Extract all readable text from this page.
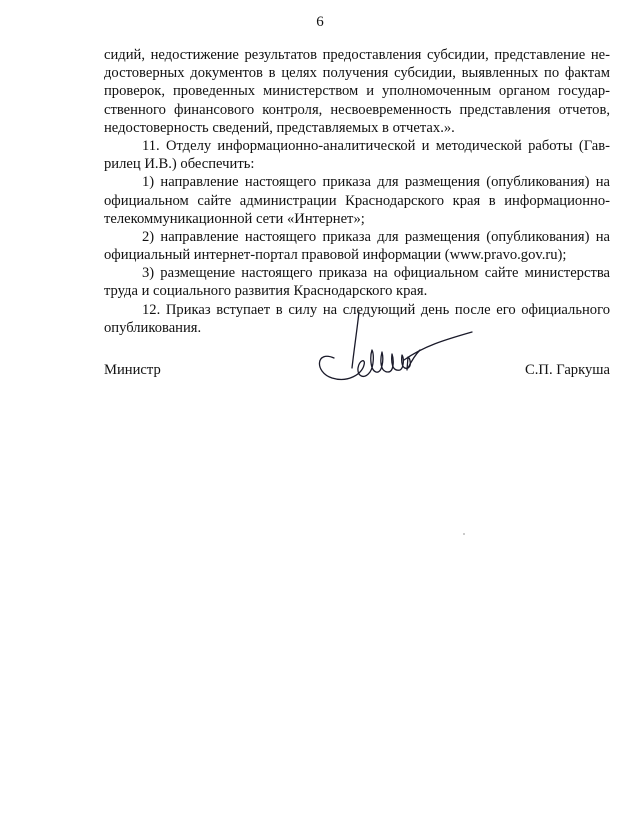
6
сидий, недостижение результатов предоставления субсидии, представление не-
достоверных документов в целях получения субсидии, выявленных по фактам
проверок, проведенных министерством и уполномоченным органом государ-
ственного финансового контроля, несвоевременность представления отчетов,
недостоверность сведений, представляемых в отчетах.».
11. Отделу информационно-аналитической и методической работы (Гав-
рилец И.В.) обеспечить:
1) направление настоящего приказа для размещения (опубликования) на
официальном сайте администрации Краснодарского края в информационно-
телекоммуникационной сети «Интернет»;
2) направление настоящего приказа для размещения (опубликования) на
официальный интернет-портал правовой информации (www.pravo.gov.ru);
3) размещение настоящего приказа на официальном сайте министерства
труда и социального развития Краснодарского края.
12. Приказ вступает в силу на следующий день после его официального
опубликования.
Министр	С.П. Гаркуша
